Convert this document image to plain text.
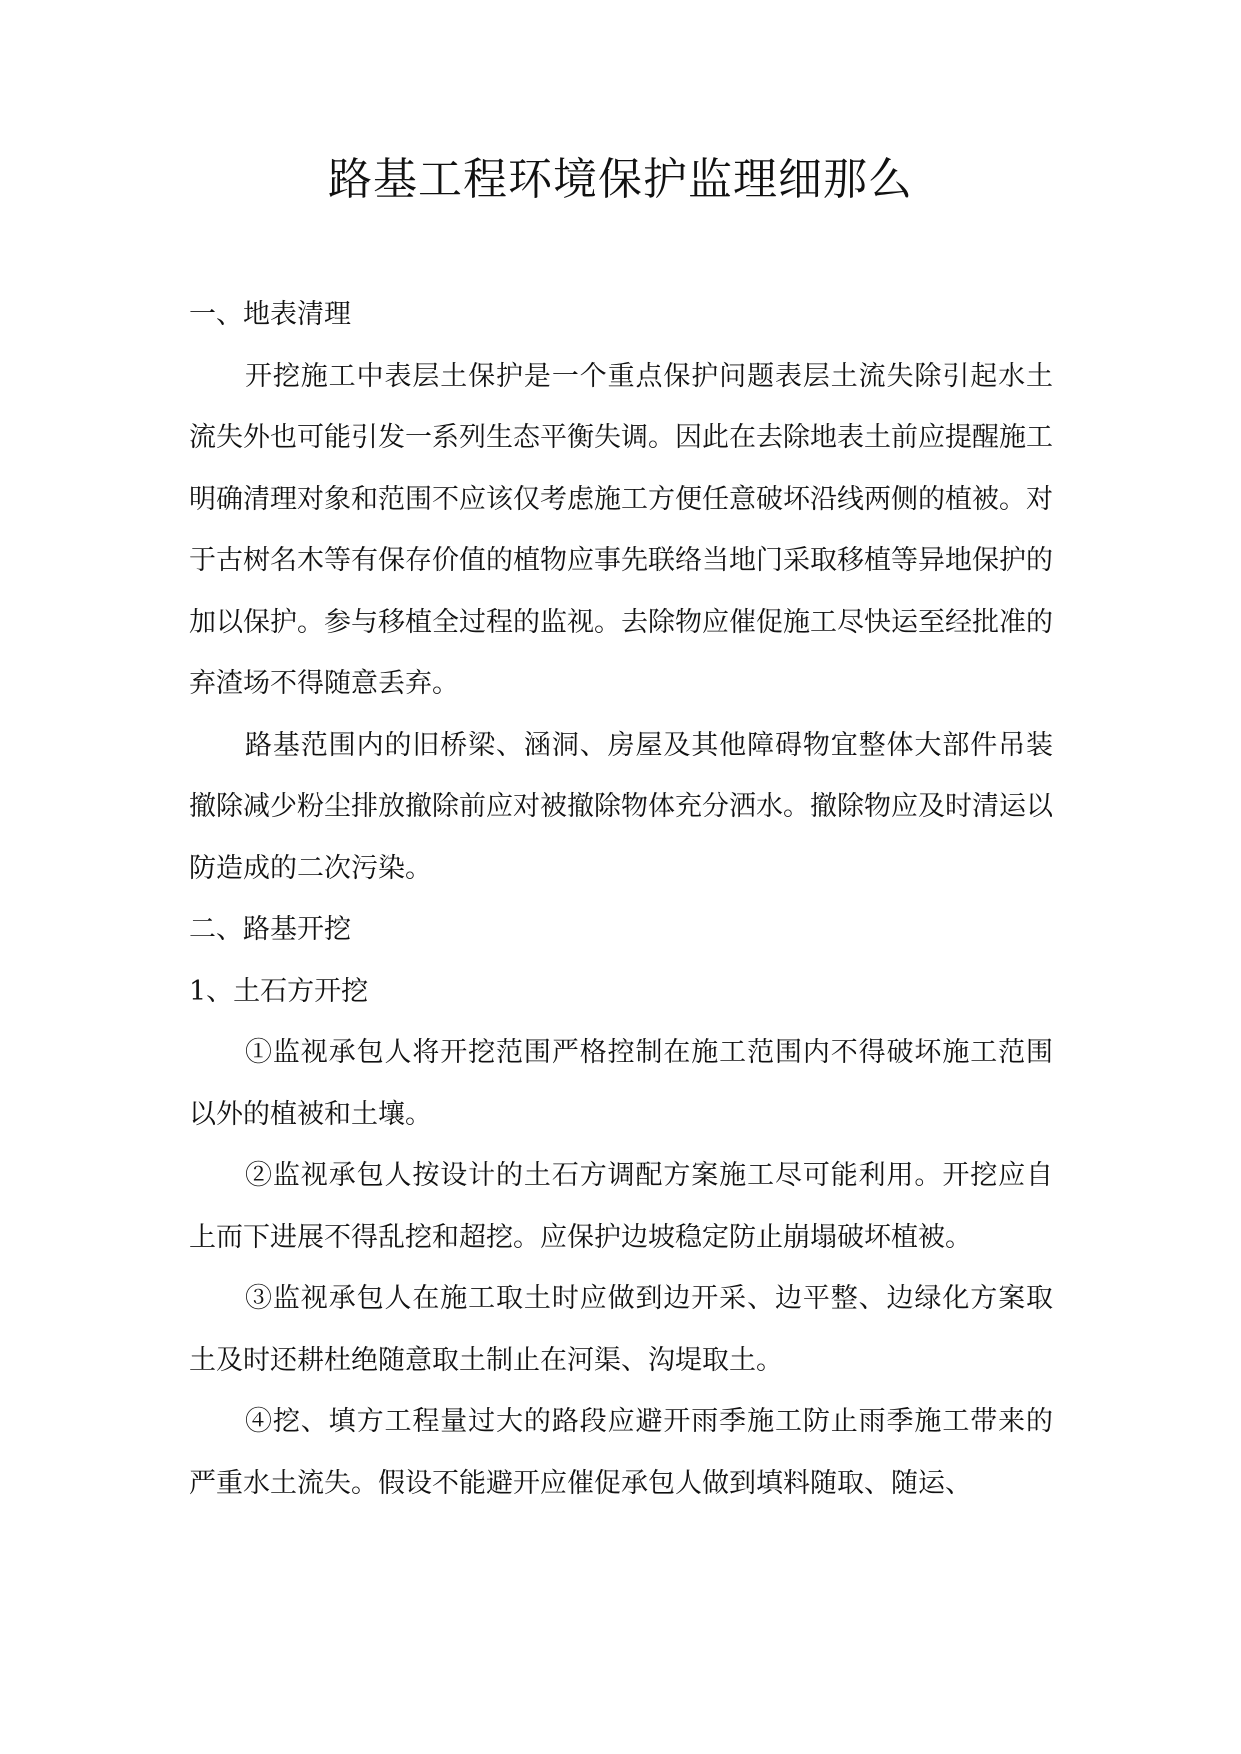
路基工程环境保护监理细那么

一、地表清理

开挖施工中表层土保护是一个重点保护问题表层土流失除引起水土流失外也可能引发一系列生态平衡失调。因此在去除地表土前应提醒施工明确清理对象和范围不应该仅考虑施工方便任意破坏沿线两侧的植被。对于古树名木等有保存价值的植物应事先联络当地门采取移植等异地保护的加以保护。参与移植全过程的监视。去除物应催促施工尽快运至经批准的弃渣场不得随意丢弃。

路基范围内的旧桥梁、涵洞、房屋及其他障碍物宜整体大部件吊装撤除减少粉尘排放撤除前应对被撤除物体充分洒水。撤除物应及时清运以防造成的二次污染。

二、路基开挖

1、土石方开挖

①监视承包人将开挖范围严格控制在施工范围内不得破坏施工范围以外的植被和土壤。

②监视承包人按设计的土石方调配方案施工尽可能利用。开挖应自上而下进展不得乱挖和超挖。应保护边坡稳定防止崩塌破坏植被。

③监视承包人在施工取土时应做到边开采、边平整、边绿化方案取土及时还耕杜绝随意取土制止在河渠、沟堤取土。

④挖、填方工程量过大的路段应避开雨季施工防止雨季施工带来的严重水土流失。假设不能避开应催促承包人做到填料随取、随运、
